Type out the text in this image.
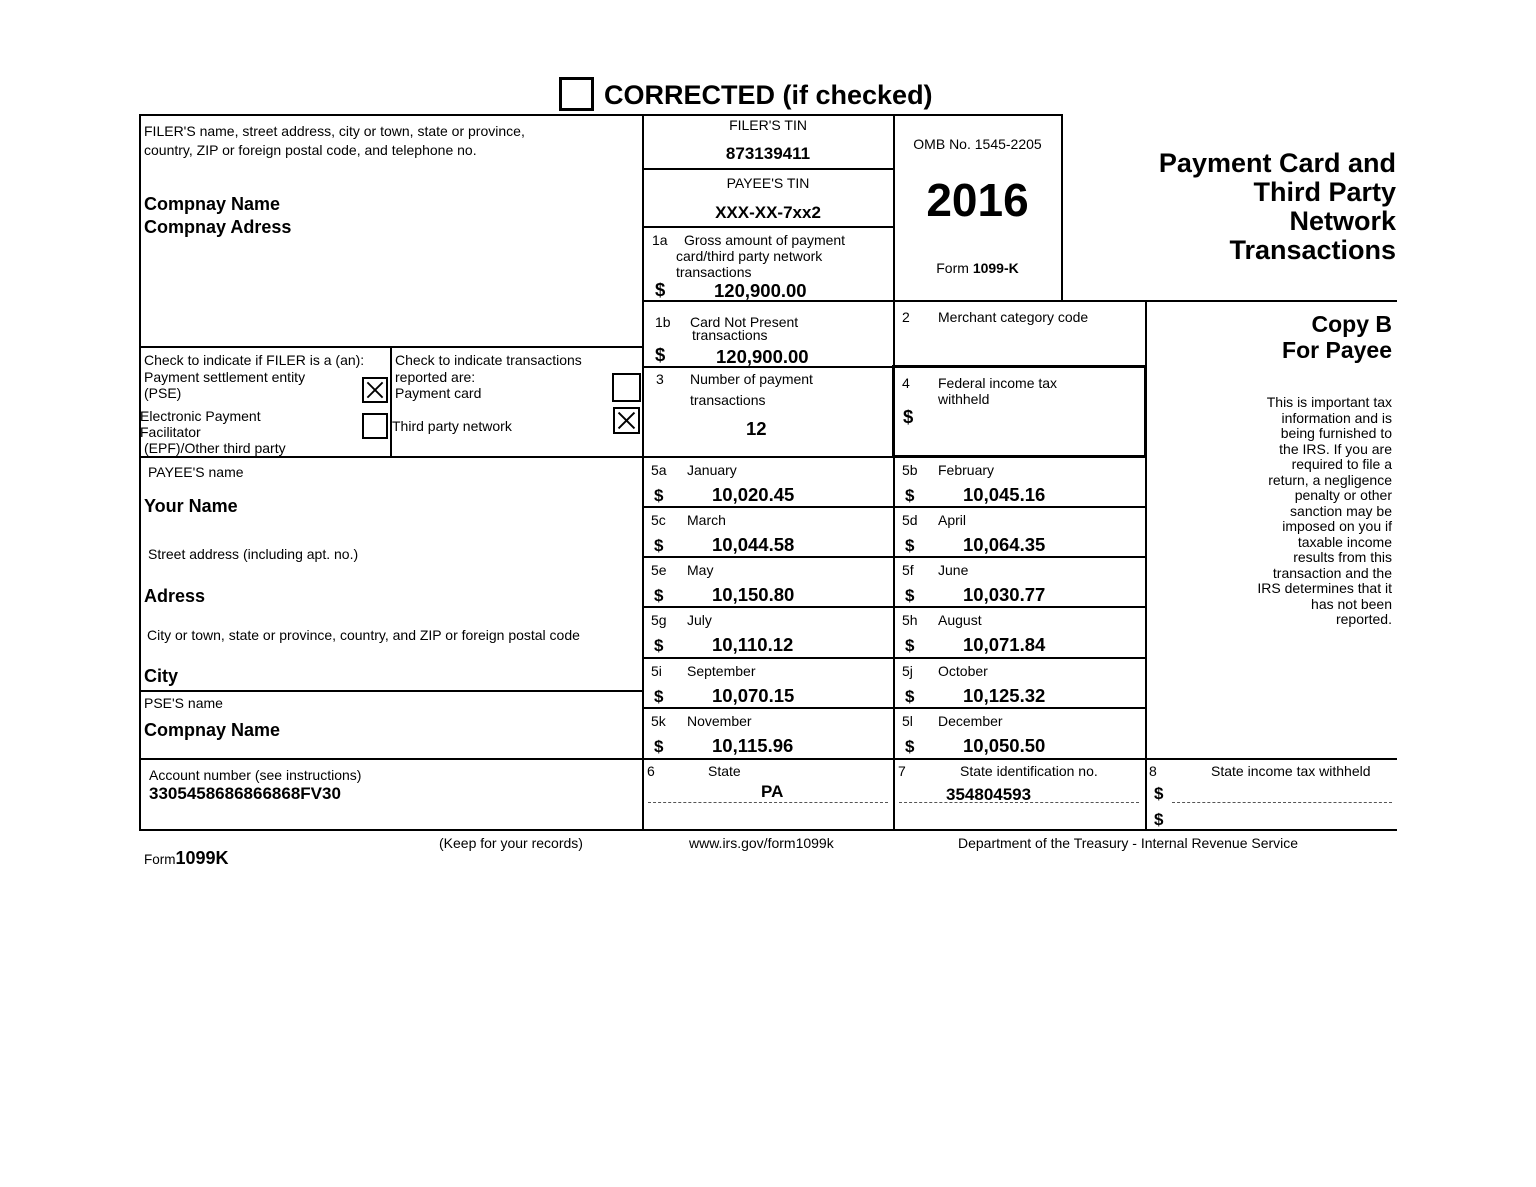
CORRECTED (if checked)
FILER'S name, street address, city or town, state or province,
country, ZIP or foreign postal code, and telephone no.
Compnay Name
Compnay Adress
FILER'S TIN
873139411
PAYEE'S TIN
XXX-XX-7xx2
OMB No. 1545-2205
2016
Form 1099-K
Payment Card and
Third Party
Network
Transactions
Copy B
For Payee
This is important tax
information and is
being furnished to
the IRS. If you are
required to file a
return, a negligence
penalty or other
sanction may be
imposed on you if
taxable income
results from this
transaction and the
IRS determines that it
has not been
reported.
1a Gross amount of payment
card/third party network
transactions
$	120,900.00
1b Card Not Present
transactions
$	120,900.00
2 Merchant category code
3 Number of payment
transactions
12
4 Federal income tax
withheld
$
Check to indicate if FILER is a (an):
Payment settlement entity
(PSE)
Electronic Payment
Facilitator
(EPF)/Other third party
Check to indicate transactions
reported are:
Payment card
Third party network
PAYEE'S name
Your Name
Street address (including apt. no.)
Adress
City or town, state or province, country, and ZIP or foreign postal code
City
PSE'S name
Compnay Name
Account number (see instructions)
3305458686866868FV30
5a January
$	10,020.45
5b February
$	10,045.16
5c March
$	10,044.58
5d April
$	10,064.35
5e May
$	10,150.80
5f June
$	10,030.77
5g July
$	10,110.12
5h August
$	10,071.84
5i September
$	10,070.15
5j October
$	10,125.32
5k November
$	10,115.96
5l December
$	10,050.50
6	State
PA
7	State identification no.
354804593
8	State income tax withheld
$
$
Form1099K
(Keep for your records)	www.irs.gov/form1099k	Department of the Treasury - Internal Revenue Service
